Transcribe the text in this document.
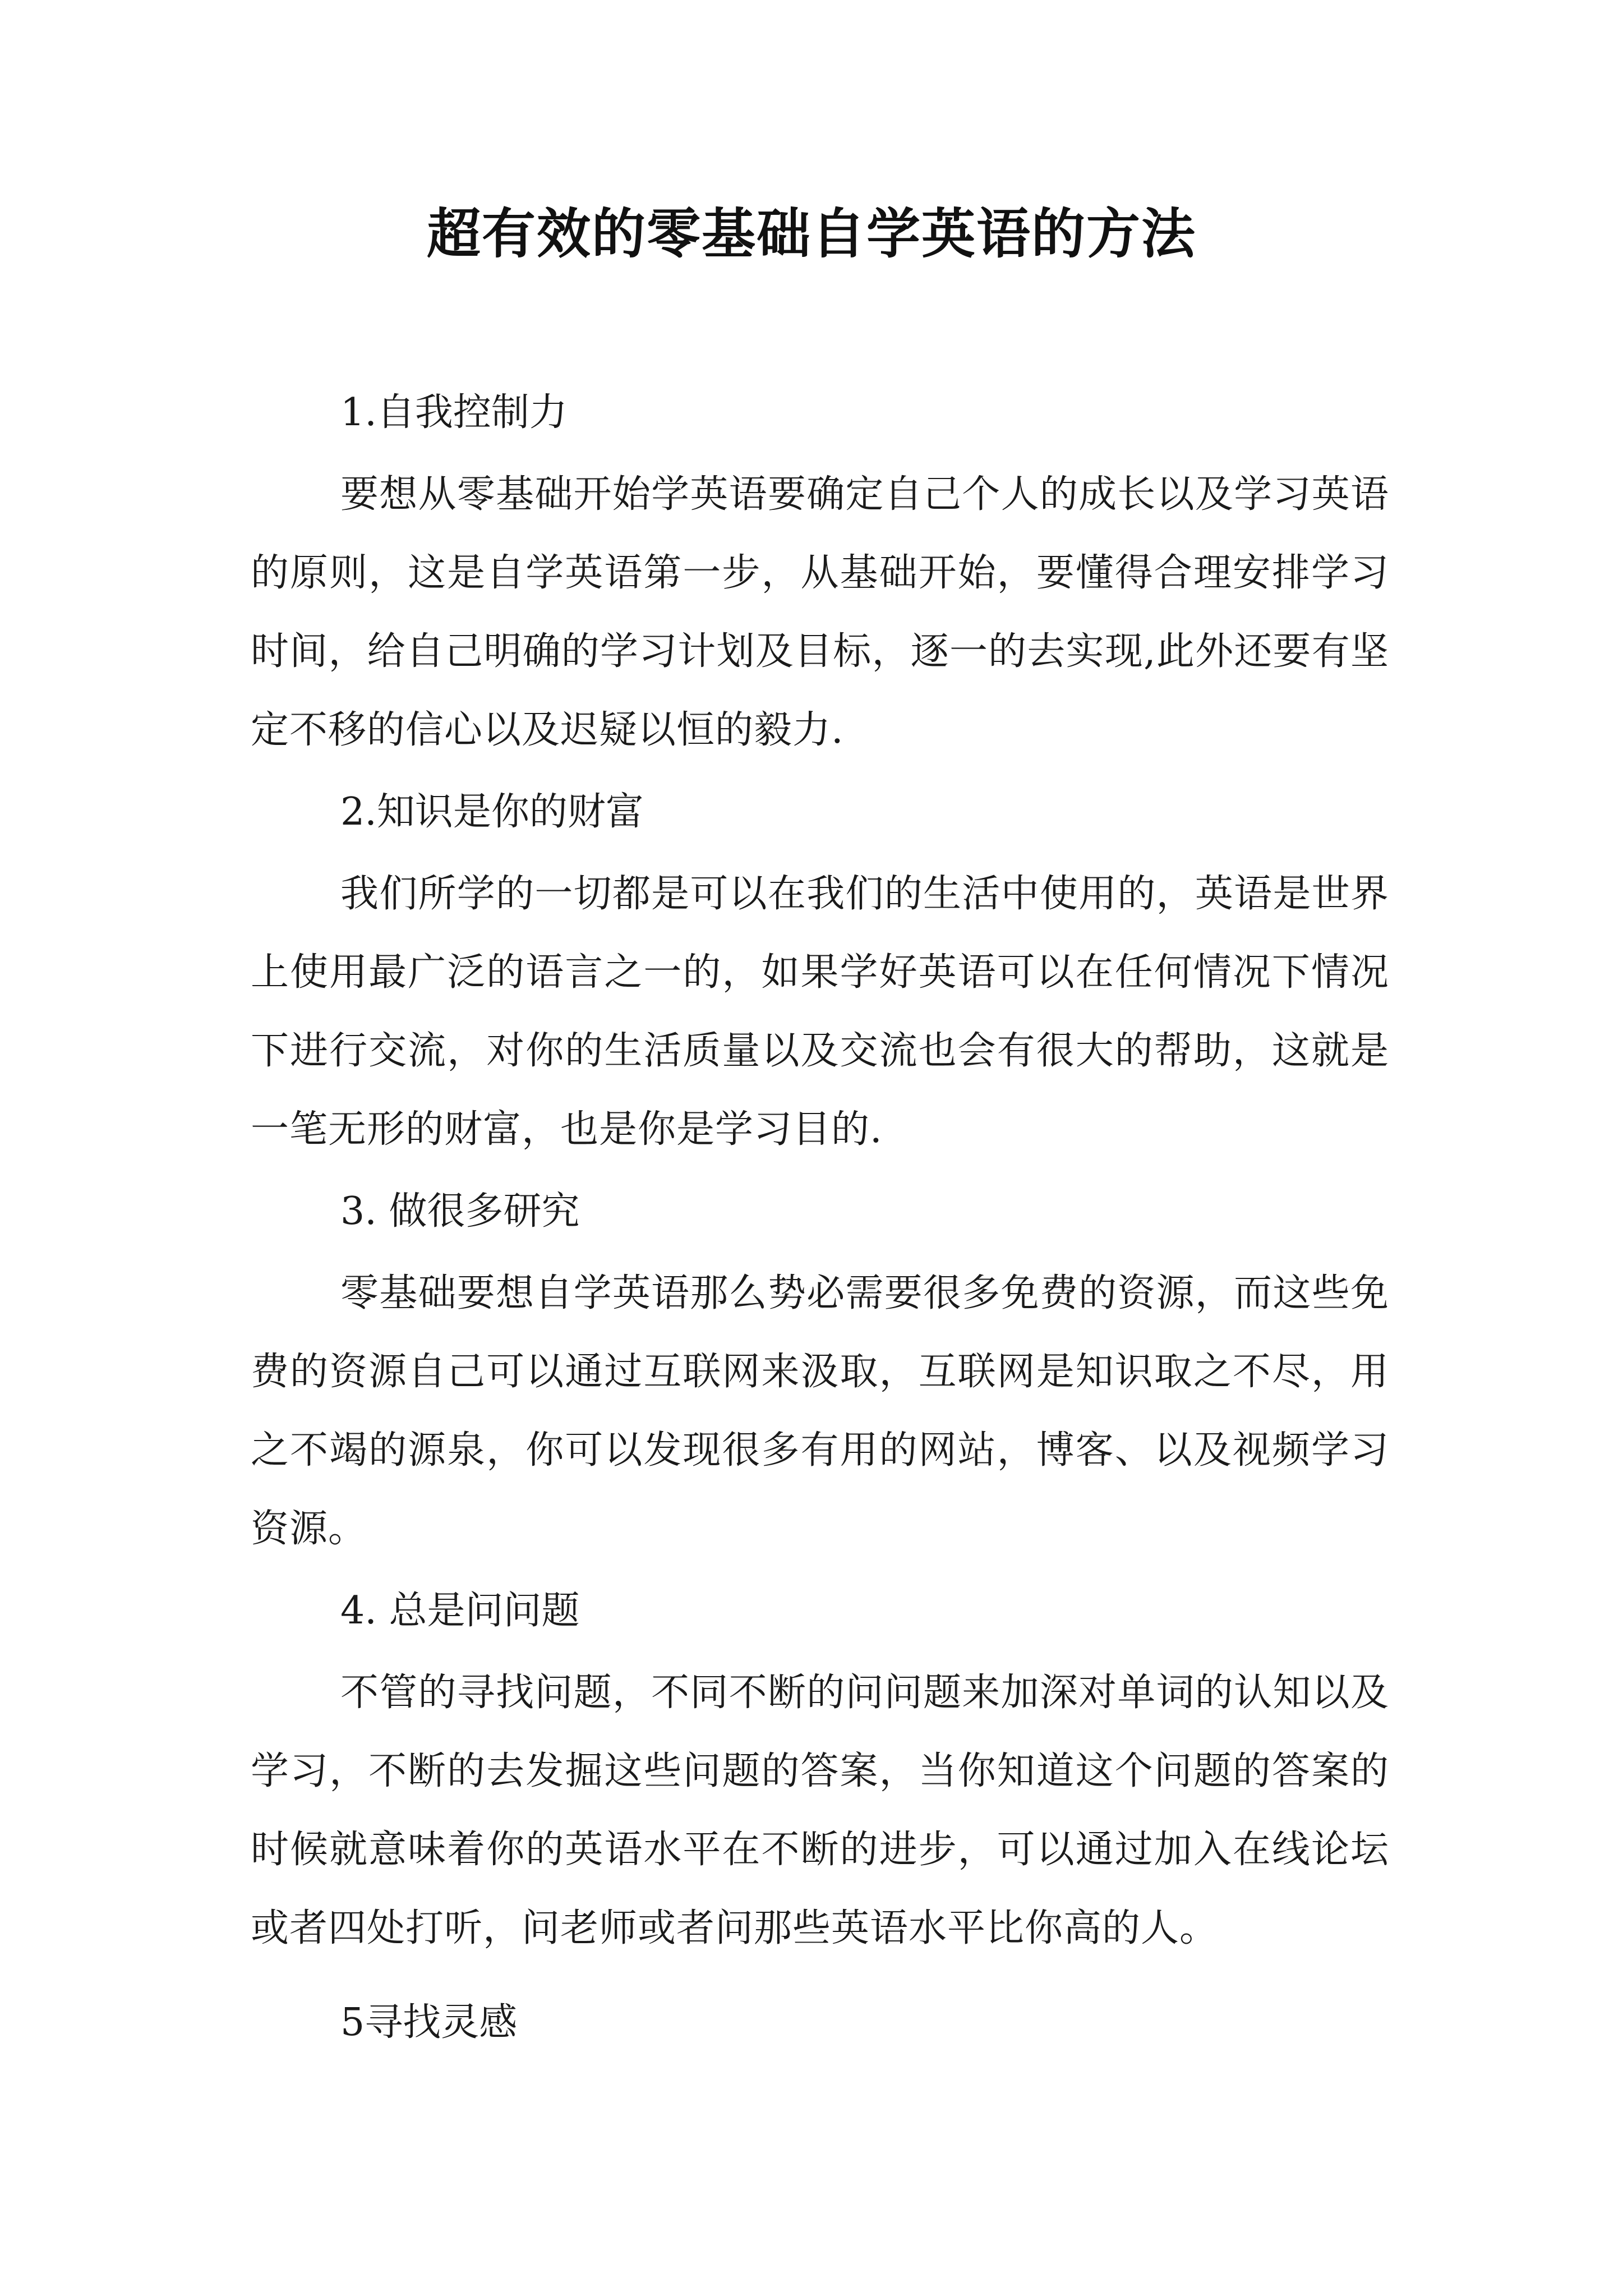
超有效的零基础自学英语的方法

1.自我控制力

要想从零基础开始学英语要确定自己个人的成长以及学习英语的原则，这是自学英语第一步，从基础开始，要懂得合理安排学习时间，给自己明确的学习计划及目标，逐一的去实现,此外还要有坚定不移的信心以及迟疑以恒的毅力.

2.知识是你的财富

我们所学的一切都是可以在我们的生活中使用的，英语是世界上使用最广泛的语言之一的，如果学好英语可以在任何情况下情况下进行交流，对你的生活质量以及交流也会有很大的帮助，这就是一笔无形的财富，也是你是学习目的.

3. 做很多研究

零基础要想自学英语那么势必需要很多免费的资源，而这些免费的资源自己可以通过互联网来汲取，互联网是知识取之不尽，用之不竭的源泉，你可以发现很多有用的网站，博客、以及视频学习资源。

4. 总是问问题

不管的寻找问题，不同不断的问问题来加深对单词的认知以及学习，不断的去发掘这些问题的答案，当你知道这个问题的答案的时候就意味着你的英语水平在不断的进步，可以通过加入在线论坛或者四处打听，问老师或者问那些英语水平比你高的人。

5寻找灵感
